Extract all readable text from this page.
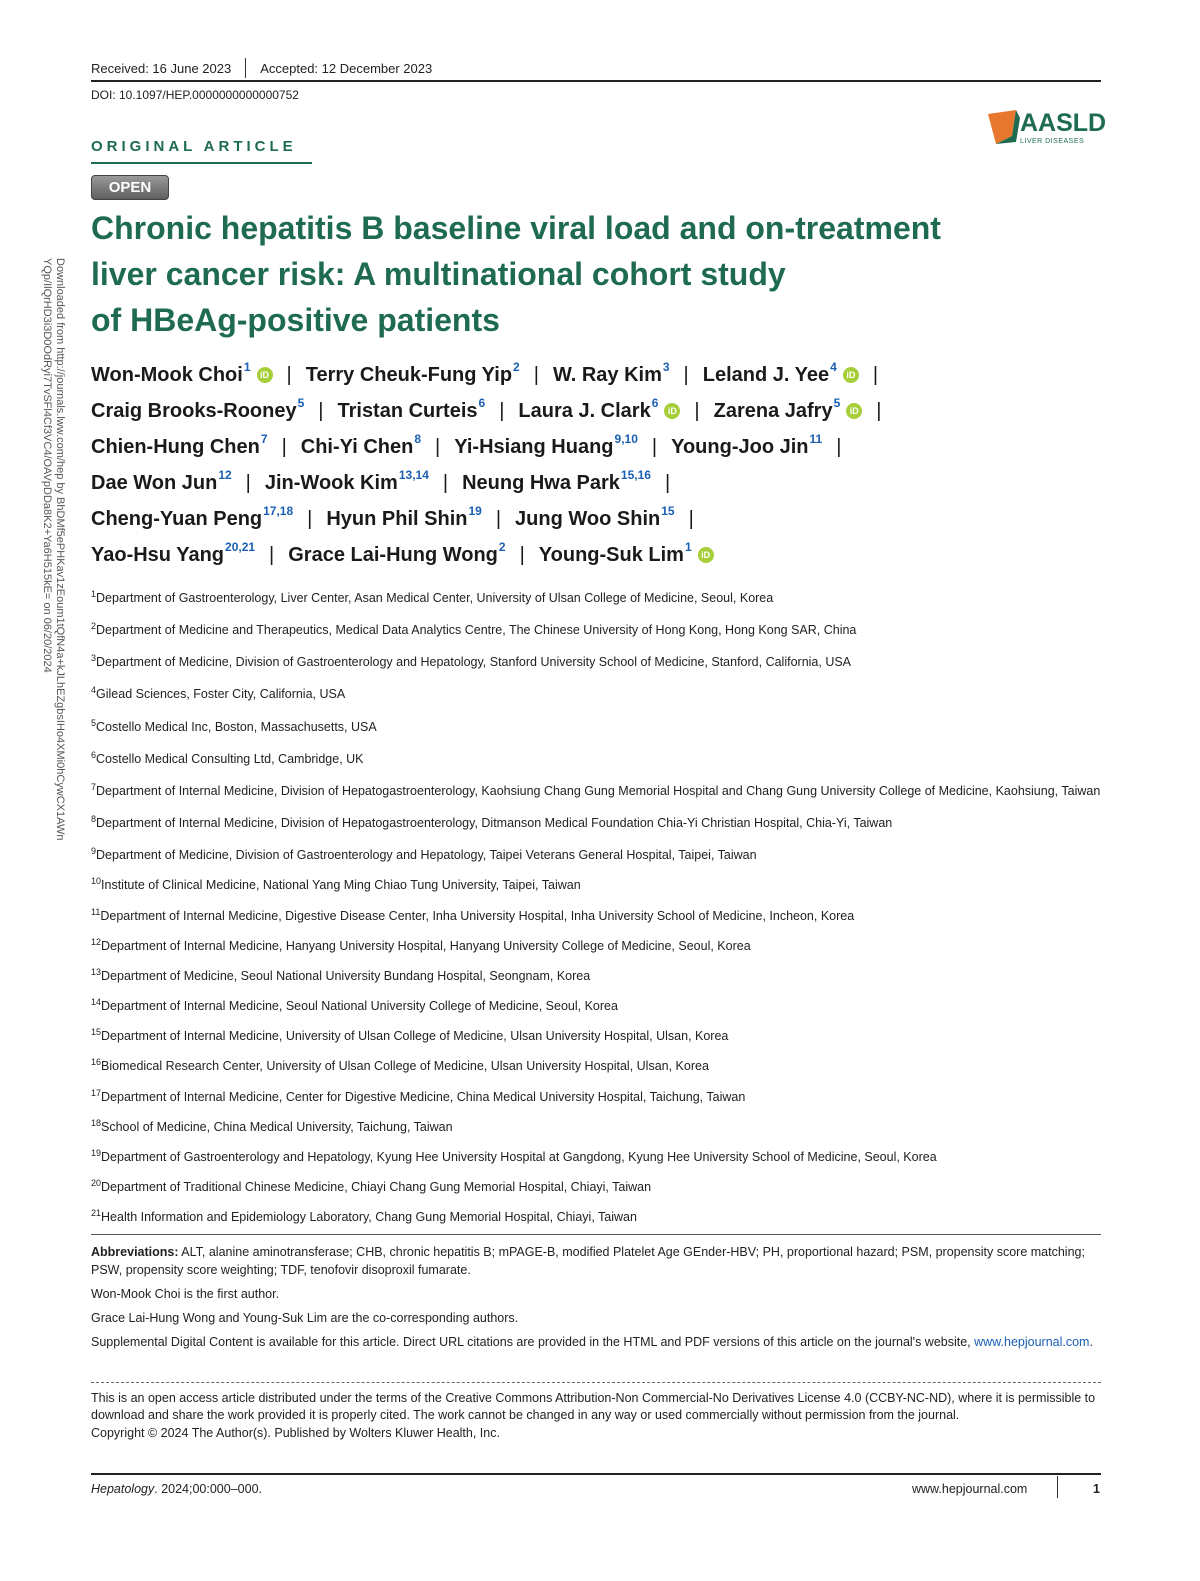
Downloaded from http://journals.lww.com/hep by BhDMf5ePHKav1zEoum1tQfN4a+kJLhEZgbsIHo4XMi0hCywCX1AWn
YQp/IlQrHD3i3D0OdRyi7TvSFl4Cf3VC4/OAVpDDa8K2+Ya6H515kE= on 06/20/2024
Received: 16 June 2023 Accepted: 12 December 2023
DOI: 10.1097/HEP.0000000000000752
AASLD
LIVER DISEASES
ORIGINAL ARTICLE
OPEN
Chronic hepatitis B baseline viral load and on-treatment
liver cancer risk: A multinational cohort study
of HBeAg-positive patients
Won-Mook Choi$^1$
iD | Terry Cheuk-Fung Yip$^2$ | W. Ray Kim$^3$ | Leland J. Yee$^4$
iD |
Craig Brooks-Rooney$^5$ | Tristan Curteis$^6$ | Laura J. Clark$^6$
iD | Zarena Jafry$^5$
iD |
Chien-Hung Chen$^7$ | Chi-Yi Chen$^8$ | Yi-Hsiang Huang$^{9,10}$ | Young-Joo Jin$^{11}$ |
Dae Won Jun$^{12}$ | Jin-Wook Kim$^{13,14}$ | Neung Hwa Park$^{15,16}$ |
Cheng-Yuan Peng$^{17,18}$ | Hyun Phil Shin$^{19}$ | Jung Woo Shin$^{15}$ |
Yao-Hsu Yang$^{20,21}$ | Grace Lai-Hung Wong$^2$ | Young-Suk Lim$^1$
iD
$^1$Department of Gastroenterology, Liver Center, Asan Medical Center, University of Ulsan College of Medicine, Seoul, Korea
$^2$Department of Medicine and Therapeutics, Medical Data Analytics Centre, The Chinese University of Hong Kong, Hong Kong SAR, China
$^3$Department of Medicine, Division of Gastroenterology and Hepatology, Stanford University School of Medicine, Stanford, California, USA
$^4$Gilead Sciences, Foster City, California, USA
$^5$Costello Medical Inc, Boston, Massachusetts, USA
$^6$Costello Medical Consulting Ltd, Cambridge, UK
$^7$Department of Internal Medicine, Division of Hepatogastroenterology, Kaohsiung Chang Gung Memorial Hospital and Chang Gung University College of Medicine, Kaohsiung, Taiwan
$^8$Department of Internal Medicine, Division of Hepatogastroenterology, Ditmanson Medical Foundation Chia-Yi Christian Hospital, Chia-Yi, Taiwan
$^9$Department of Medicine, Division of Gastroenterology and Hepatology, Taipei Veterans General Hospital, Taipei, Taiwan
$^{10}$Institute of Clinical Medicine, National Yang Ming Chiao Tung University, Taipei, Taiwan
$^{11}$Department of Internal Medicine, Digestive Disease Center, Inha University Hospital, Inha University School of Medicine, Incheon, Korea
$^{12}$Department of Internal Medicine, Hanyang University Hospital, Hanyang University College of Medicine, Seoul, Korea
$^{13}$Department of Medicine, Seoul National University Bundang Hospital, Seongnam, Korea
$^{14}$Department of Internal Medicine, Seoul National University College of Medicine, Seoul, Korea
$^{15}$Department of Internal Medicine, University of Ulsan College of Medicine, Ulsan University Hospital, Ulsan, Korea
$^{16}$Biomedical Research Center, University of Ulsan College of Medicine, Ulsan University Hospital, Ulsan, Korea
$^{17}$Department of Internal Medicine, Center for Digestive Medicine, China Medical University Hospital, Taichung, Taiwan
$^{18}$School of Medicine, China Medical University, Taichung, Taiwan
$^{19}$Department of Gastroenterology and Hepatology, Kyung Hee University Hospital at Gangdong, Kyung Hee University School of Medicine, Seoul, Korea
$^{20}$Department of Traditional Chinese Medicine, Chiayi Chang Gung Memorial Hospital, Chiayi, Taiwan
$^{21}$Health Information and Epidemiology Laboratory, Chang Gung Memorial Hospital, Chiayi, Taiwan

Abbreviations: ALT, alanine aminotransferase; CHB, chronic hepatitis B; mPAGE-B, modified Platelet Age GEnder-HBV; PH, proportional hazard; PSM, propensity score matching; PSW, propensity score weighting; TDF, tenofovir disoproxil fumarate.

Won-Mook Choi is the first author.

Grace Lai-Hung Wong and Young-Suk Lim are the co-corresponding authors.

Supplemental Digital Content is available for this article. Direct URL citations are provided in the HTML and PDF versions of this article on the journal's website, www.hepjournal.com.

This is an open access article distributed under the terms of the Creative Commons Attribution-Non Commercial-No Derivatives License 4.0 (CCBY-NC-ND), where it is permissible to download and share the work provided it is properly cited. The work cannot be changed in any way or used commercially without permission from the journal.

Copyright © 2024 The Author(s). Published by Wolters Kluwer Health, Inc.

Hepatology. 2024;00:000–000.	www.hepjournal.com	1
